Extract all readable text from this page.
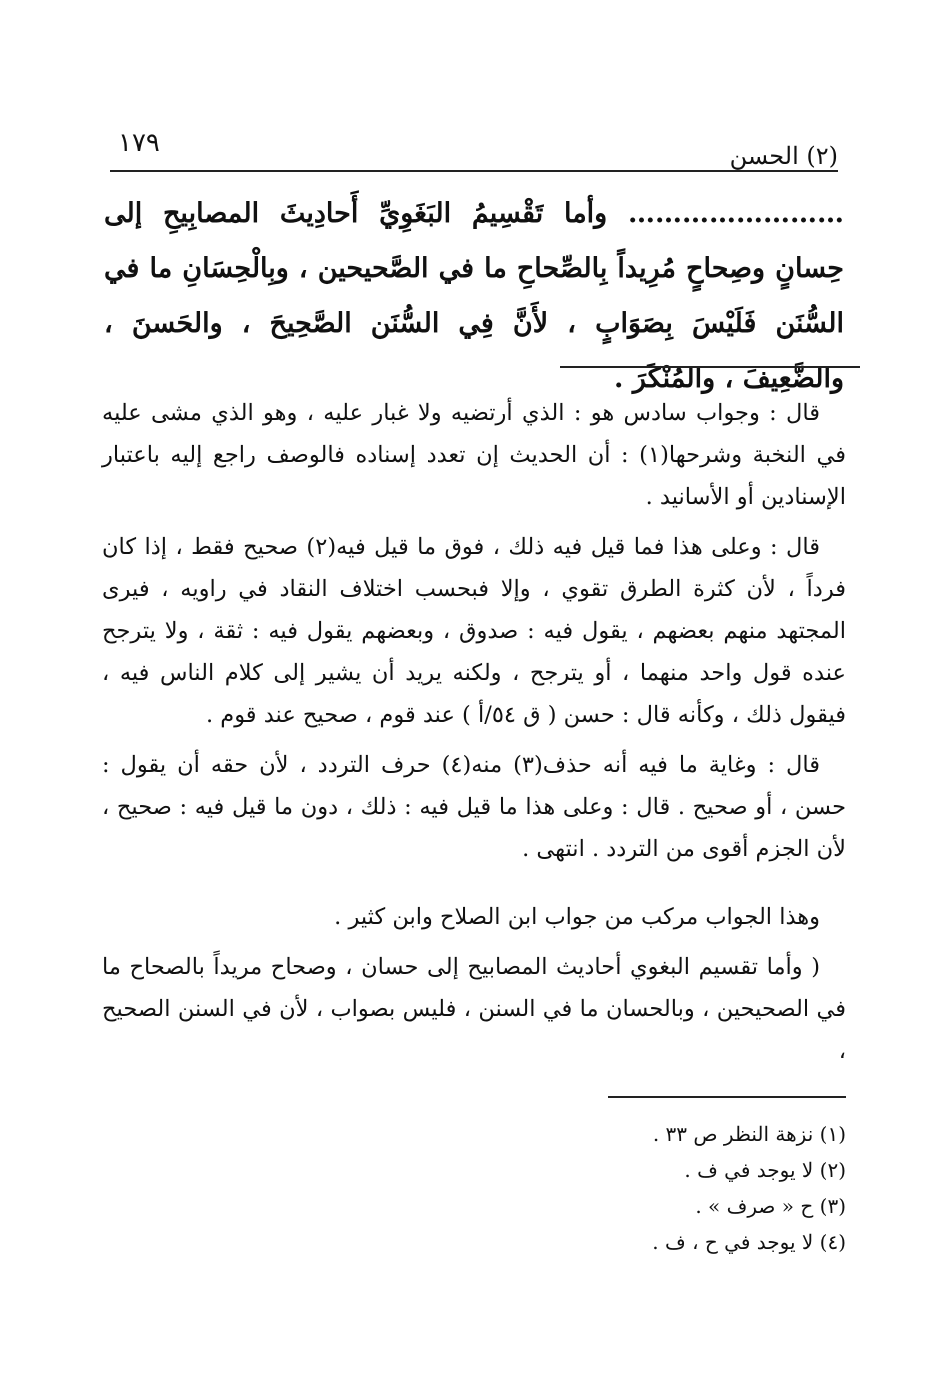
١٧٩	(٢) الحسن
…………………… وأما تَقْسِيمُ البَغَوِيِّ أَحادِيثَ المصابِيحِ إلى حِسانٍ وصِحاحٍ مُرِيداً بِالصِّحاحِ ما في الصَّحيحين ، وبِالْحِسَانِ ما في السُّنَن فَلَيْسَ بِصَوَابٍ ، لأَنَّ فِي السُّنَن الصَّحِيحَ ، والحَسنَ ، والضَّعِيفَ ، والمُنْكَرَ .

قال : وجواب سادس هو : الذي أرتضيه ولا غبار عليه ، وهو الذي مشى عليه في النخبة وشرحها(١) : أن الحديث إن تعدد إسناده فالوصف راجع إليه باعتبار الإسنادين أو الأسانيد .

قال : وعلى هذا فما قيل فيه ذلك ، فوق ما قيل فيه(٢) صحيح فقط ، إذا كان فرداً ، لأن كثرة الطرق تقوي ، وإلا فبحسب اختلاف النقاد في راويه ، فيرى المجتهد منهم بعضهم ، يقول فيه : صدوق ، وبعضهم يقول فيه : ثقة ، ولا يترجح عنده قول واحد منهما ، أو يترجح ، ولكنه يريد أن يشير إلى كلام الناس فيه ، فيقول ذلك ، وكأنه قال : حسن ( ق ٥٤/أ ) عند قوم ، صحيح عند قوم .

قال : وغاية ما فيه أنه حذف(٣) منه(٤) حرف التردد ، لأن حقه أن يقول : حسن ، أو صحيح . قال : وعلى هذا ما قيل فيه : ذلك ، دون ما قيل فيه : صحيح ، لأن الجزم أقوى من التردد . انتهى .

وهذا الجواب مركب من جواب ابن الصلاح وابن كثير .

( وأما تقسيم البغوي أحاديث المصابيح إلى حسان ، وصحاح مريداً بالصحاح ما في الصحيحين ، وبالحسان ما في السنن ، فليس بصواب ، لأن في السنن الصحيح ،

(١) نزهة النظر ص ٣٣ .
(٢) لا يوجد في ف .
(٣) ح « صرف » .
(٤) لا يوجد في ح ، ف .
